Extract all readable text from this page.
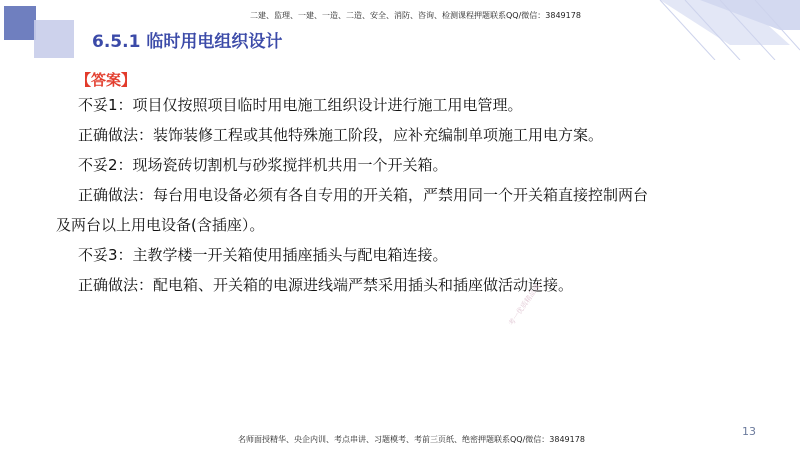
6.5.1 临时用电组织设计
二建、监理、一建、一造、二造、安全、消防、咨询、检测课程押题联系QQ/微信：3849178
【答案】
不妥1：项目仅按照项目临时用电施工组织设计进行施工用电管理。
正确做法：装饰装修工程或其他特殊施工阶段，应补充编制单项施工用电方案。
不妥2：现场瓷砖切割机与砂浆搅拌机共用一个开关箱。
正确做法：每台用电设备必须有各自专用的开关箱，严禁用同一个开关箱直接控制两台
及两台以上用电设备(含插座）。
不妥3：主教学楼一开关箱使用插座插头与配电箱连接。
正确做法：配电箱、开关箱的电源进线端严禁采用插头和插座做活动连接。
考一优质精品课
13
名师面授精华、央企内训、考点串讲、习题模考、考前三页纸、绝密押题联系QQ/微信：3849178
